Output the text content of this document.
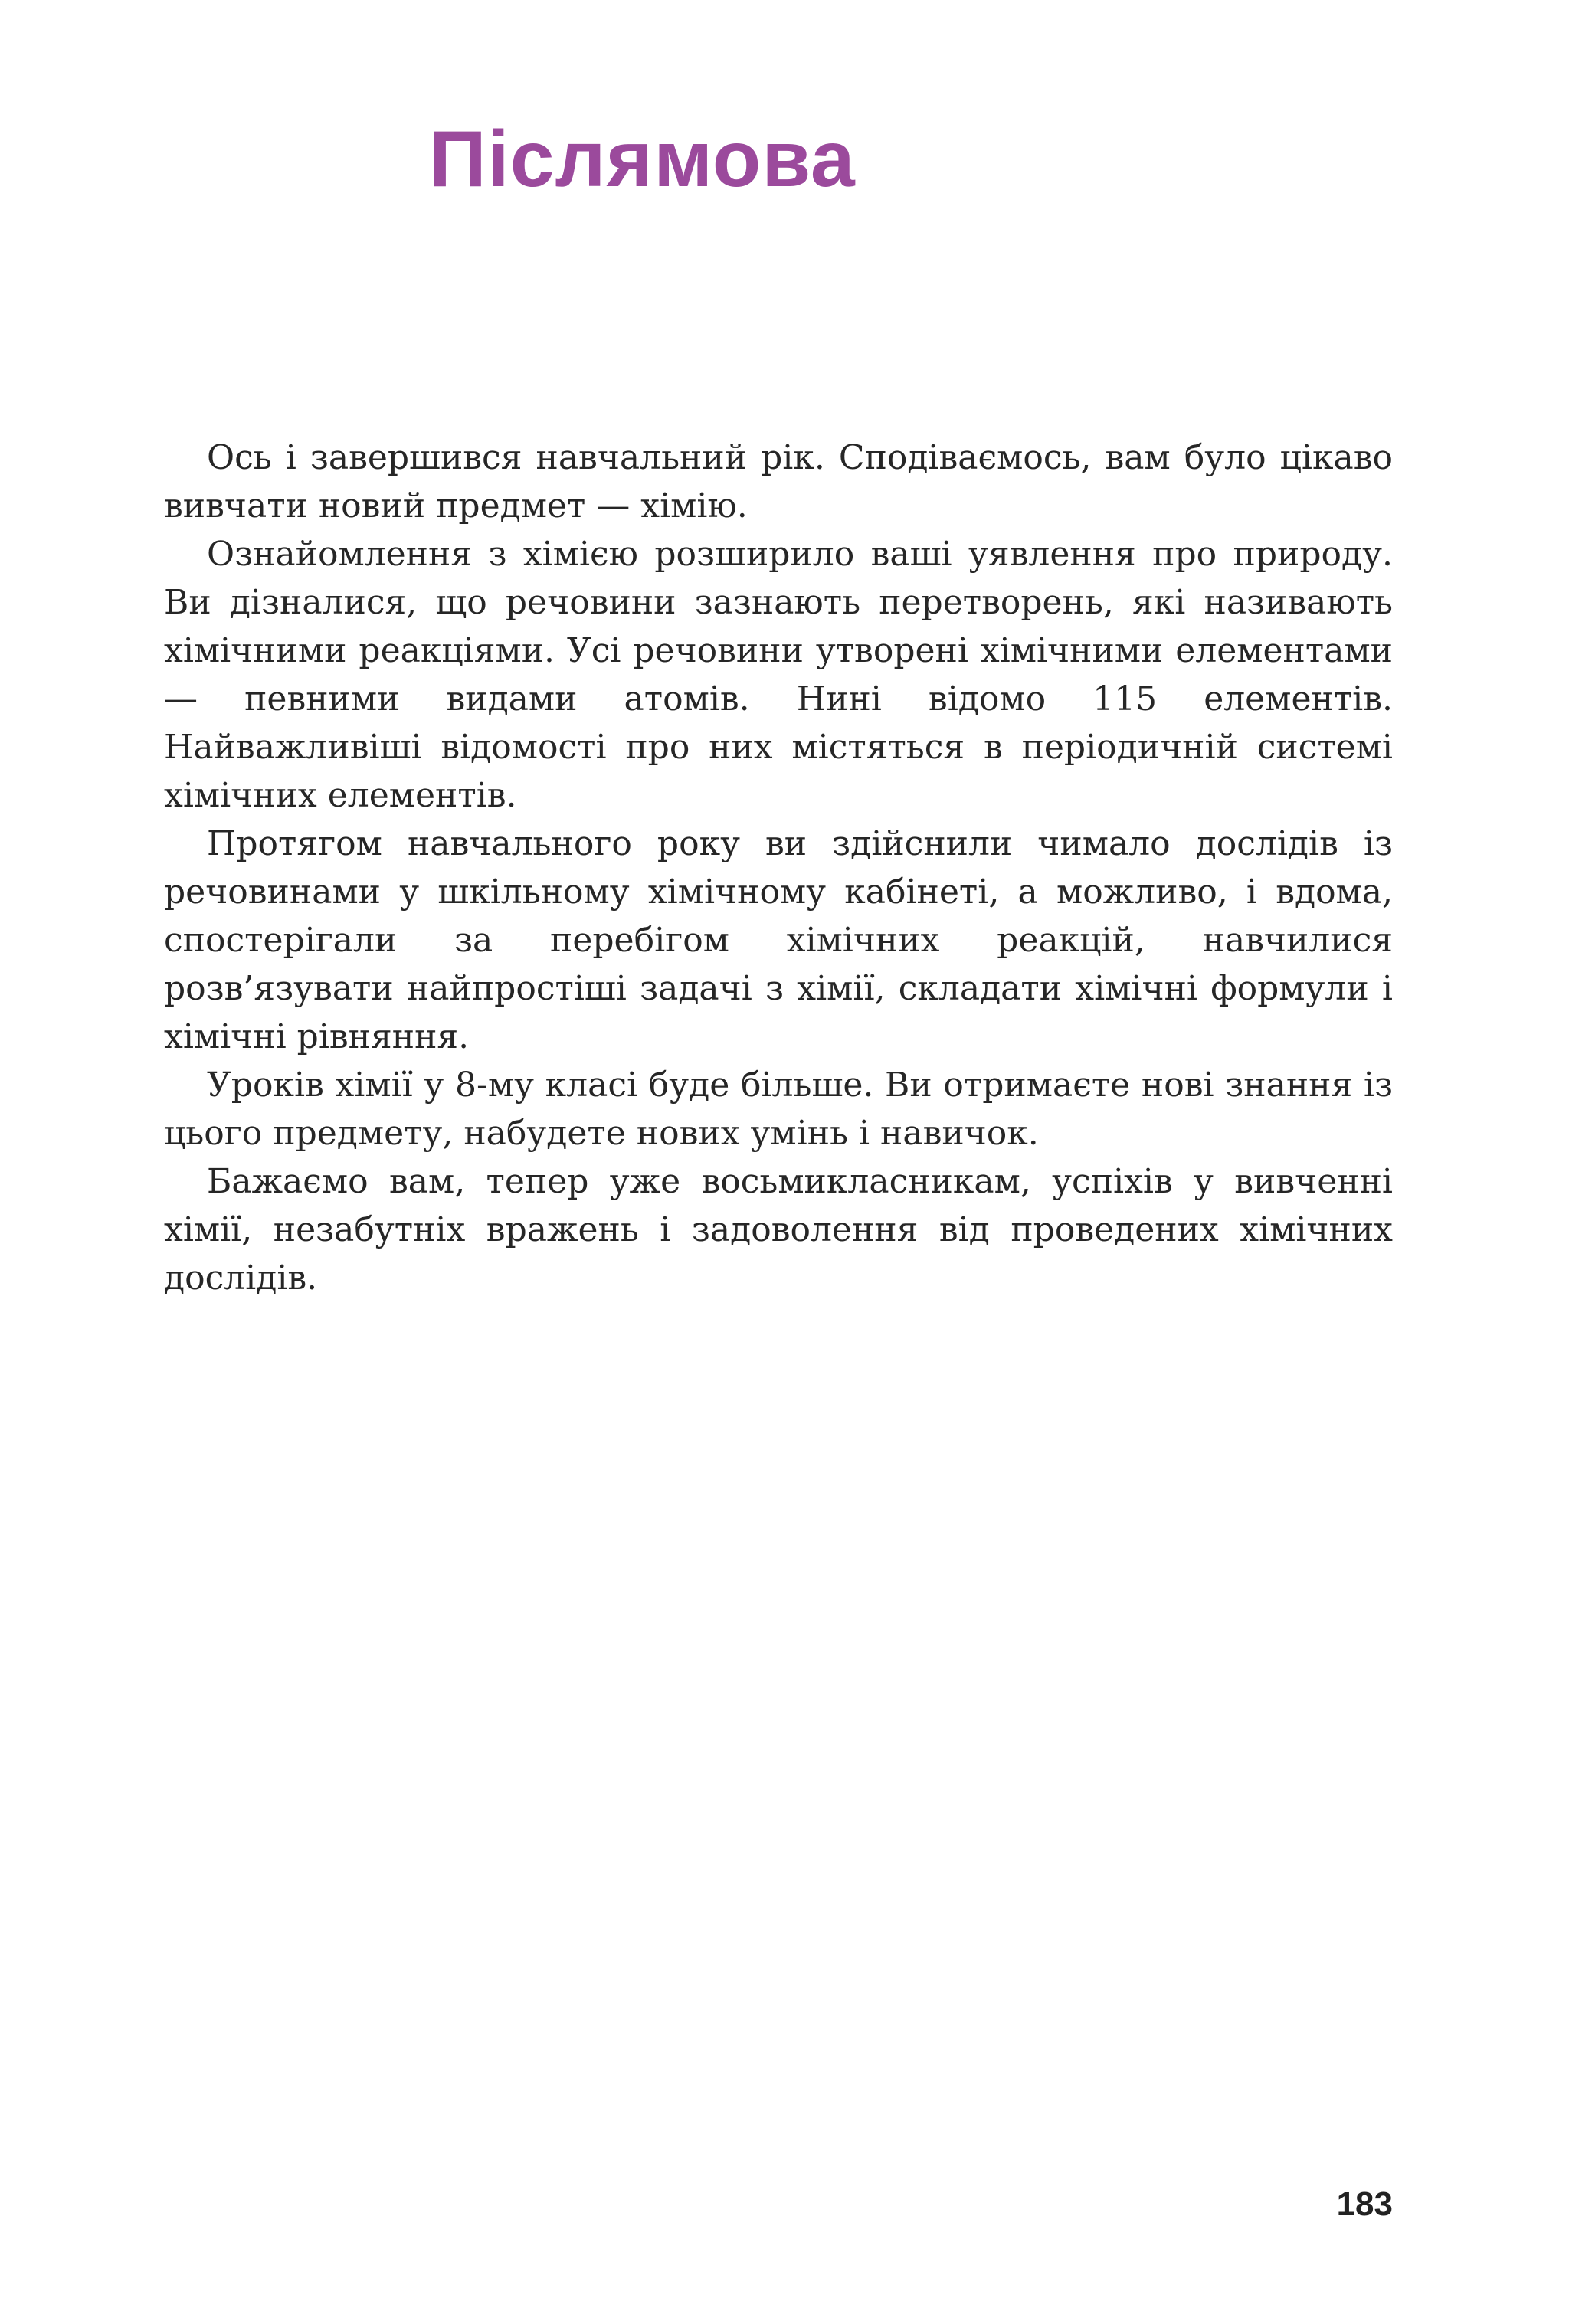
Післямова

Ось і завершився навчальний рік. Сподіваємось, вам було цікаво вивчати новий предмет — хімію.

Ознайомлення з хімією розширило ваші уявлення про природу. Ви дізналися, що речовини зазнають перетворень, які називають хімічними реакціями. Усі речовини утворені хімічними елементами — певними видами атомів. Нині відомо 115 елементів. Найважливіші відомості про них містяться в періодичній системі хімічних елементів.

Протягом навчального року ви здійснили чимало дослідів із речовинами у шкільному хімічному кабінеті, а можливо, і вдома, спостерігали за перебігом хімічних реакцій, навчилися розв’язувати найпростіші задачі з хімії, складати хімічні формули і хімічні рівняння.

Уроків хімії у 8-му класі буде більше. Ви отримаєте нові знання із цього предмету, набудете нових умінь і навичок.

Бажаємо вам, тепер уже восьмикласникам, успіхів у вивченні хімії, незабутніх вражень і задоволення від проведених хімічних дослідів.

183
